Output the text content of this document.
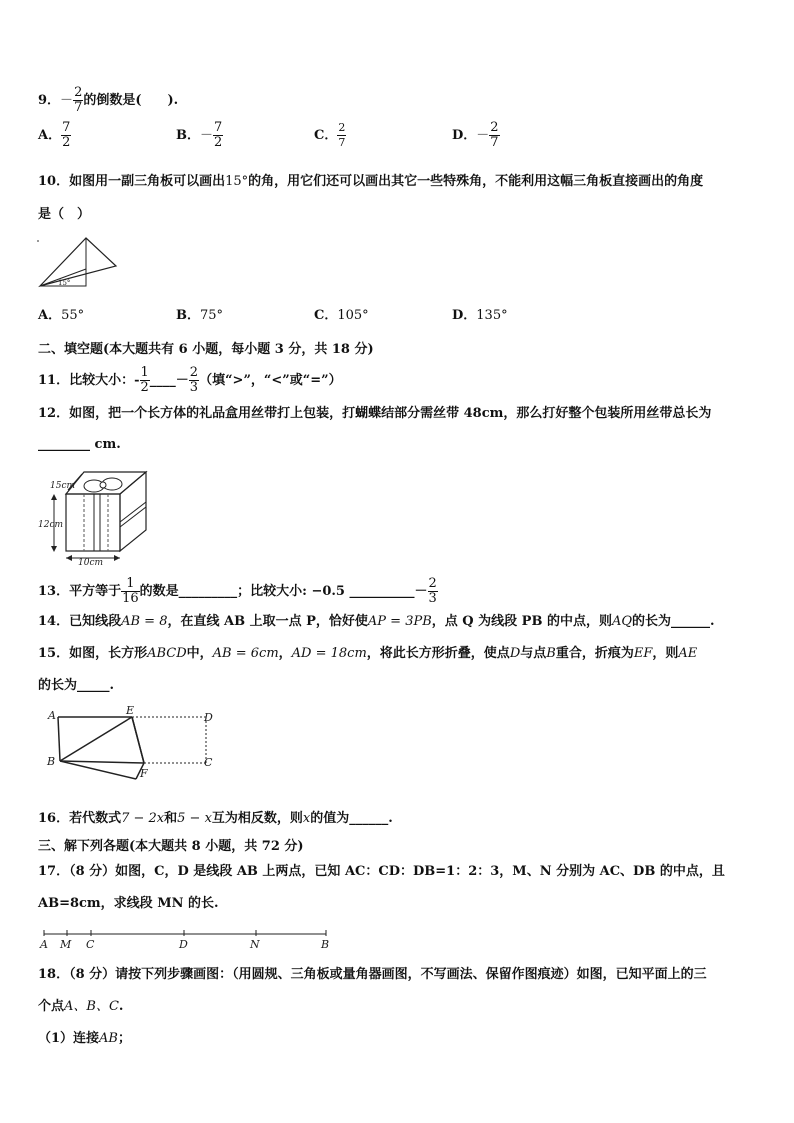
9．－ $\frac{2}{7}$ 的倒数是(　　).
A． $\frac{7}{2}$	B．－ $\frac{7}{2}$	C． $\frac{2}{7}$	D．－ $\frac{2}{7}$
10．如图用一副三角板可以画出15°的角，用它们还可以画出其它一些特殊角，不能利用这幅三角板直接画出的角度
是（　）
15°
A．55°	B．75°	C．105°	D．135°
二、填空题(本大题共有 6 小题，每小题 3 分，共 18 分)
11．比较大小：- $\frac{1}{2}$ ____－ $\frac{2}{3}$ （填“>”，“<”或“=”）
12．如图，把一个长方体的礼品盒用丝带打上包装，打蝴蝶结部分需丝带 48cm，那么打好整个包装所用丝带总长为
________ cm.
15cm
12cm
10cm
13．平方等于 $\frac{1}{16}$ 的数是_________；比较大小: −0.5 __________－ $\frac{2}{3}$
14．已知线段AB = 8，在直线 AB 上取一点 P，恰好使AP = 3PB，点 Q 为线段 PB 的中点，则AQ的长为______.
15．如图，长方形ABCD中，AB = 6cm，AD = 18cm，将此长方形折叠，使点D与点B重合，折痕为EF，则AE
的长为_____.
A	E
D
B
F
C
16．若代数式7 − 2x和5 − x互为相反数，则x的值为______.
三、解下列各题(本大题共 8 小题，共 72 分)
17．（8 分）如图，C，D 是线段 AB 上两点，已知 AC：CD：DB=1：2：3，M、N 分别为 AC、DB 的中点，且
AB=8cm，求线段 MN 的长.
A M C	D	N	B
18．（8 分）请按下列步骤画图：（用圆规、三角板或量角器画图，不写画法、保留作图痕迹）如图，已知平面上的三
个点A、B、C.
（1）连接AB；
